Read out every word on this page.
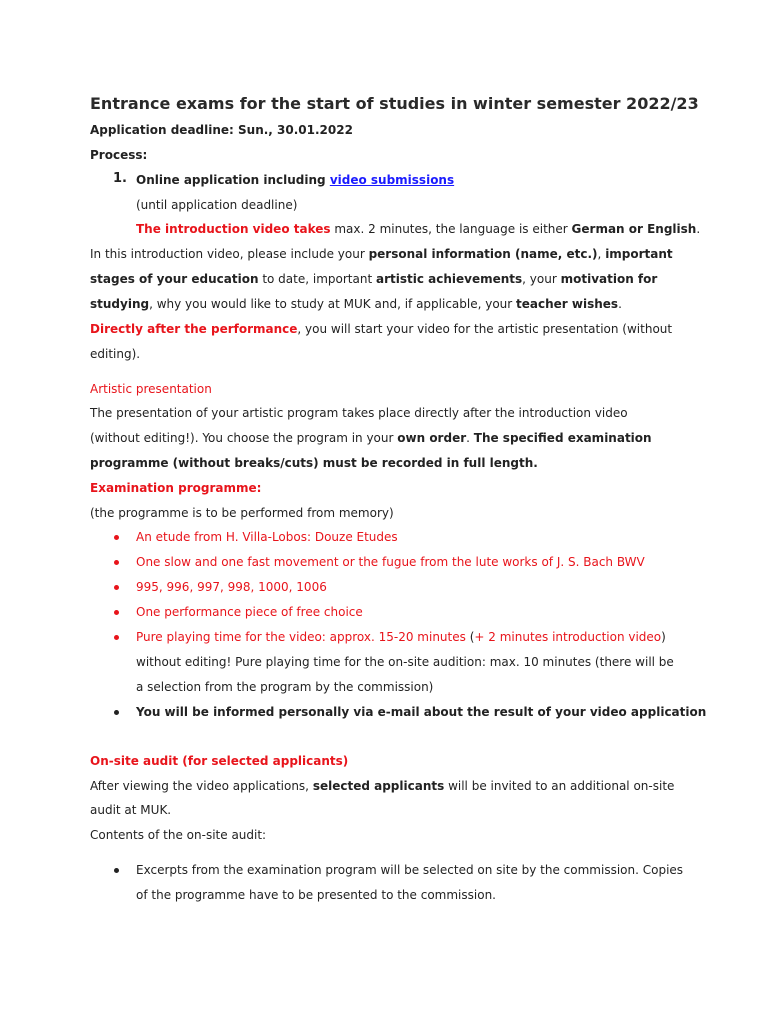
Entrance exams for the start of studies in winter semester 2022/23
Application deadline: Sun., 30.01.2022
Process:
1. Online application including video submissions
(until application deadline)
The introduction video takes max. 2 minutes, the language is either German or English.
In this introduction video, please include your personal information (name, etc.), important
stages of your education to date, important artistic achievements, your motivation for
studying, why you would like to study at MUK and, if applicable, your teacher wishes.
Directly after the performance, you will start your video for the artistic presentation (without
editing).
Artistic presentation
The presentation of your artistic program takes place directly after the introduction video
(without editing!). You choose the program in your own order. The specified examination
programme (without breaks/cuts) must be recorded in full length.
Examination programme:
(the programme is to be performed from memory)
An etude from H. Villa-Lobos: Douze Etudes
One slow and one fast movement or the fugue from the lute works of J. S. Bach BWV
995, 996, 997, 998, 1000, 1006
One performance piece of free choice
Pure playing time for the video: approx. 15-20 minutes (+ 2 minutes introduction video)
without editing! Pure playing time for the on-site audition: max. 10 minutes (there will be
a selection from the program by the commission)
You will be informed personally via e-mail about the result of your video application
On-site audit (for selected applicants)
After viewing the video applications, selected applicants will be invited to an additional on-site
audit at MUK.
Contents of the on-site audit:
Excerpts from the examination program will be selected on site by the commission. Copies
of the programme have to be presented to the commission.
